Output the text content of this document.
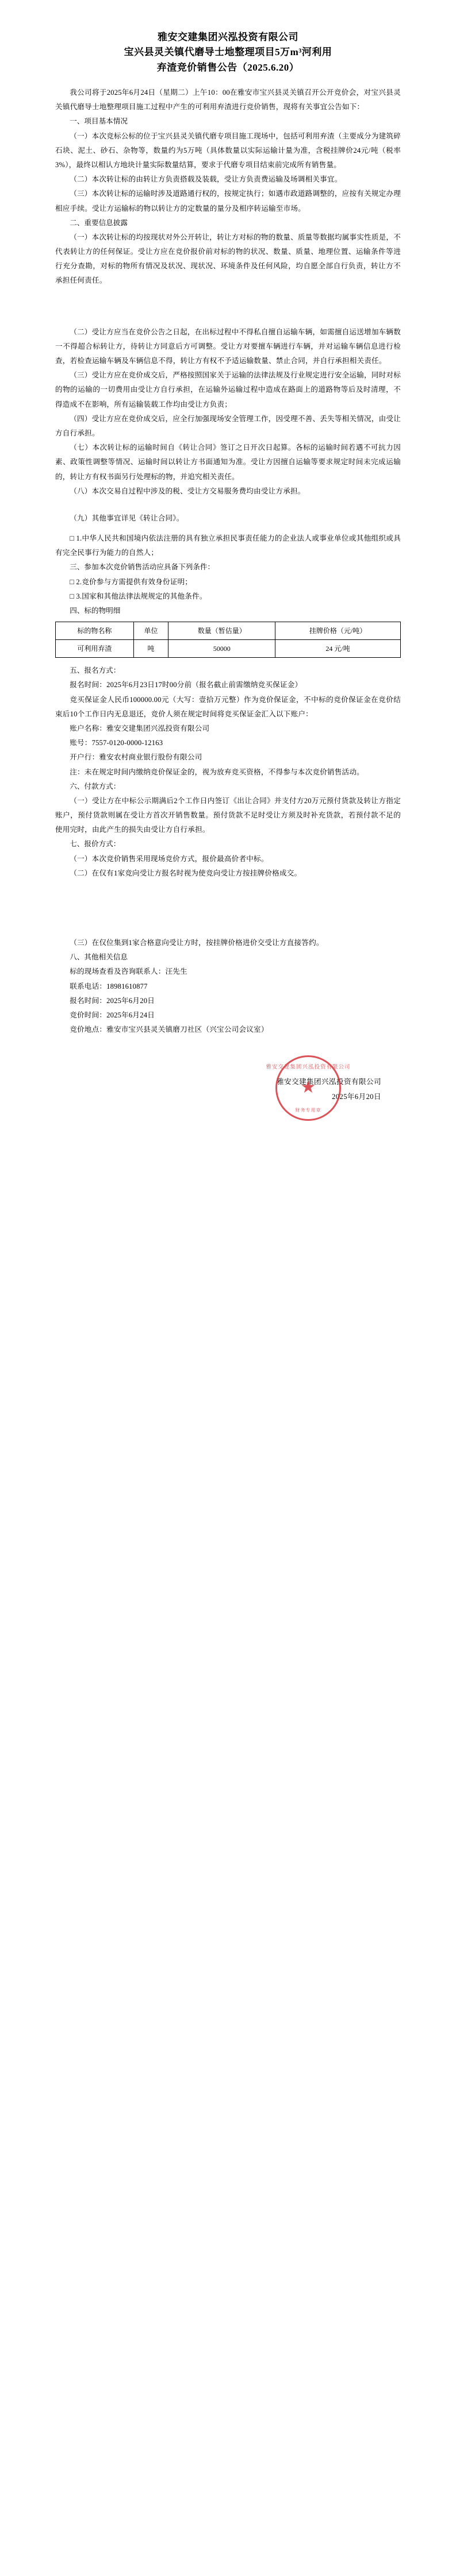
雅安交建集团兴泓投资有限公司
宝兴县灵关镇代磨导士地整理项目5万m³河利用
弃渣竞价销售公告（2025.6.20）

我公司将于2025年6月24日（星期二）上午10：00在雅安市宝兴县灵关镇召开公开竞价会，对宝兴县灵关镇代磨导士地整理项目施工过程中产生的可利用弃渣进行竞价销售，现将有关事宜公告如下：

一、项目基本情况

（一）本次竞标公标的位于宝兴县灵关镇代磨专项目施工现场中，包括可利用弃渣（主要成分为建筑碎石块、泥土、砂石、杂物等，数量约为5万吨（具体数量以实际运输计量为准，含税挂牌价24元/吨（税率3%），最终以相认方地块计量实际数量结算，要求于代磨专项目结束前完成所有销售量。

（二）本次转让标的由转让方负责搭载及装载，受让方负责费运输及场调相关事宜。

（三）本次转让标的运输时涉及道路通行权的，按规定执行；如遇市政道路调整的，应按有关规定办理相应手续。受让方运输标的物以转让方的定数量的量分及相序转运输至市场。

二、重要信息披露

（一）本次转让标的均按现状对外公开转让，转让方对标的物的数量、质量等数据均属事实性质是，不代表转让方的任何保证。受让方应在竞价报价前对标的物的状况、数量、质量、地理位置、运输条件等进行充分查勘，对标的物所有情况及状况、现状况、环境条件及任何风险，均自愿全部自行负责，转让方不承担任何责任。

（二）受让方应当在竞价公告之日起，在出标过程中不得私自擅自运输车辆，如需擅自运送增加车辆数一不得超合标转让方，待转让方同意后方可调整。受让方对要擅车辆进行车辆，并对运输车辆信息进行检查，若检查运输车辆及车辆信息不得，转让方有权不予适运输数量、禁止合同，并自行承担相关责任。

（三）受让方应在竞价成交后，严格按照国家关于运输的法律法规及行业规定进行安全运输，同时对标的物的运输的一切费用由受让方自行承担，在运输外运输过程中造成在路面上的道路物等后及时清理，不得造成不在影响，所有运输装载工作均由受让方负责；

（四）受让方应在竞价成交后，应全行加强现场安全管理工作，因受理不善、丢失等相关情况，由受让方自行承担。

（七）本次转让标的运输时间自《转让合同》签订之日开次日起算。各标的运输时间若遇不可抗力因素、政策性调整等情况、运输时间以转让方书面通知为准。受让方因擅自运输等要求规定时间未完成运输的，转让方有权书面另行处理标的物，并追究相关责任。

（八）本次交易自过程中涉及的税、受让方交易服务费均由受让方承担。

（九）其他事宜详见《转让合同》。

□ 1.中华人民共和国境内依法注册的具有独立承担民事责任能力的企业法人或事业单位或其他组织或具有完全民事行为能力的自然人；

三、参加本次竞价销售活动应具备下列条件：

□ 2.竞价参与方需提供有效身份证明；

□ 3.国家和其他法律法规规定的其他条件。

四、标的物明细

标的物名称	单位	数量（暂估量）	挂牌价格（元/吨）
可利用弃渣	吨	50000	24 元/吨

五、报名方式：

报名时间：2025年6月23日17时00分前（报名截止前需缴纳竞买保证金）

竞买保证金人民币100000.00元（大写：壹拾万元整）作为竞价保证金，不中标的竞价保证金在竞价结束后10个工作日内无息退还，竞价人须在规定时间将竞买保证金汇入以下账户：

账户名称：雅安交建集团兴泓投资有限公司

账号：7557-0120-0000-12163

开户行：雅安农村商业银行股份有限公司

注：未在规定时间内缴纳竞价保证金的，视为放弃竞买资格，不得参与本次竞价销售活动。

六、付款方式：

（一）受让方在中标公示期满后2个工作日内签订《出让合同》并支付方20万元预付货款及转让方指定账户，预付货款则属在受让方首次开销售数量。预付货款不足时受让方须及时补充货款，若预付款不足的使用完时，由此产生的损失由受让方自行承担。

七、报价方式：

（一）本次竞价销售采用现场竞价方式，报价最高价者中标。

（二）在仅有1家竞向受让方报名时视为使竞向受让方按挂牌价格成交。

（三）在仅位集到1家合格意向受让方时，按挂牌价格进价交受让方直接答约。

八、其他相关信息

标的现场查看及咨询联系人：汪先生

联系电话：18981610877

报名时间：2025年6月20日

竞价时间：2025年6月24日

竞价地点：雅安市宝兴县灵关镇磨刀社区（兴宝公司会议室）

★ 雅安交建集团兴泓投资有限公司
财务专用章
雅安交建集团兴泓投资有限公司
2025年6月20日
